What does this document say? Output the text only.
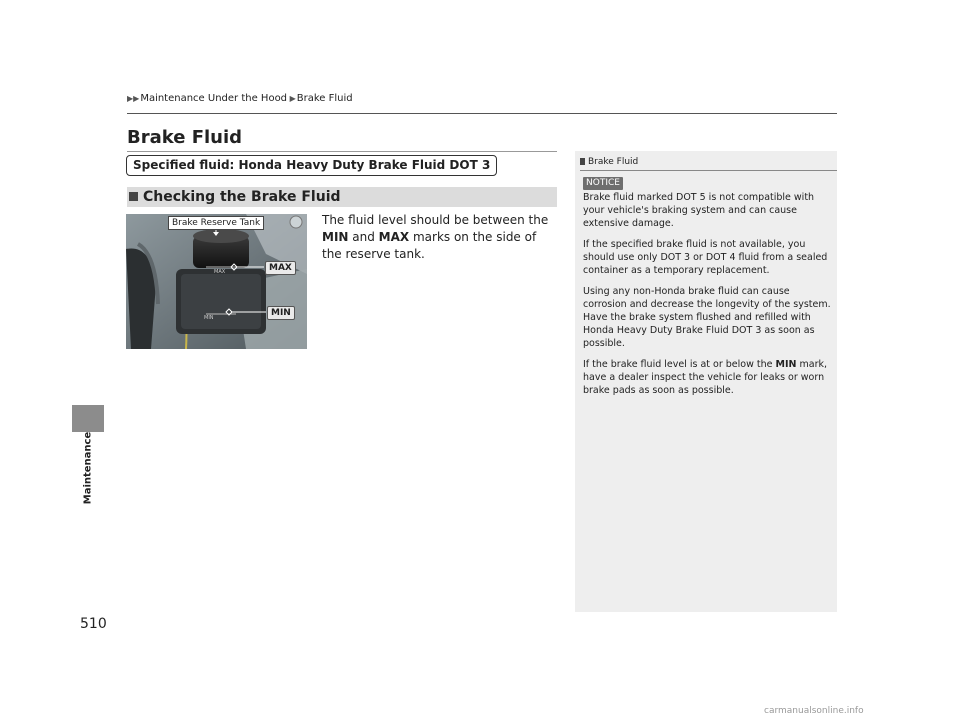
▶▶Maintenance Under the Hood ▶Brake Fluid
Maintenance
510
Brake Fluid
Specified fluid: Honda Heavy Duty Brake Fluid DOT 3
Checking the Brake Fluid
MAX
MIN
Brake Reserve Tank
MAX
MIN
The fluid level should be between the MIN and MAX marks on the side of the reserve tank.
Brake Fluid
NOTICE

Brake fluid marked DOT 5 is not compatible with your vehicle's braking system and can cause extensive damage.

If the specified brake fluid is not available, you should use only DOT 3 or DOT 4 fluid from a sealed container as a temporary replacement.

Using any non-Honda brake fluid can cause corrosion and decrease the longevity of the system. Have the brake system flushed and refilled with Honda Heavy Duty Brake Fluid DOT 3 as soon as possible.

If the brake fluid level is at or below the MIN mark, have a dealer inspect the vehicle for leaks or worn brake pads as soon as possible.

carmanualsonline.info
